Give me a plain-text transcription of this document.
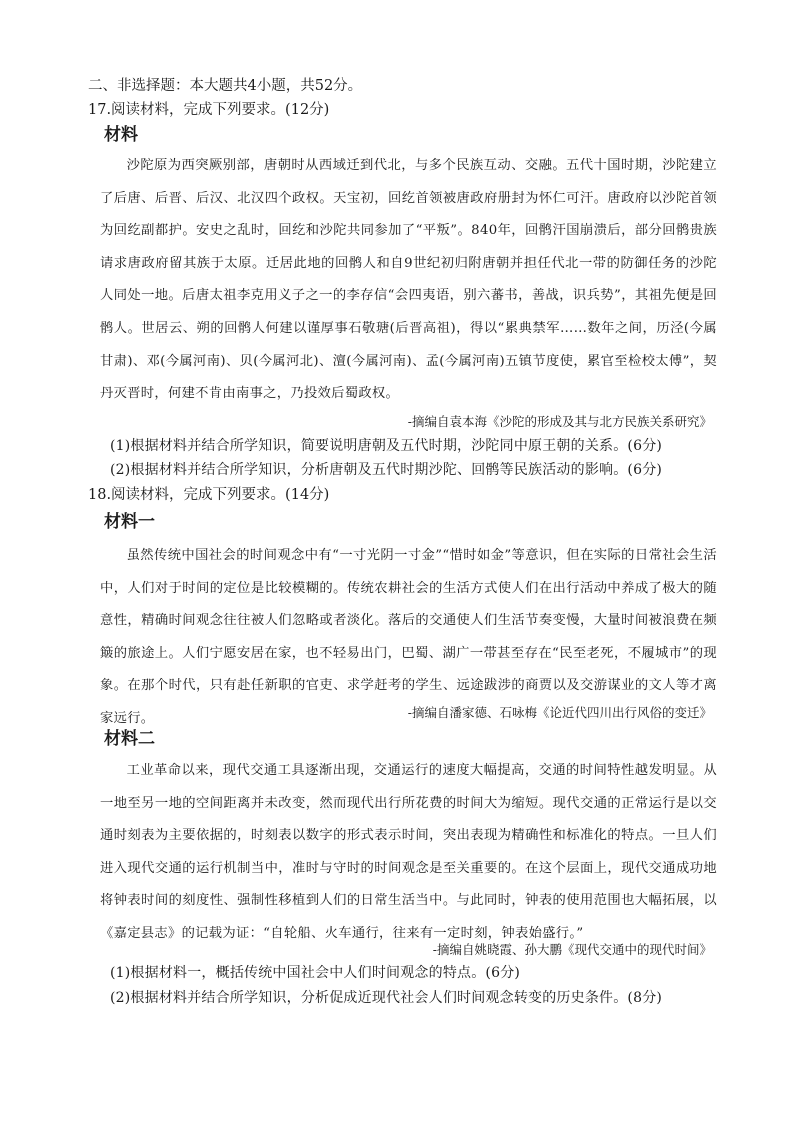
二、非选择题：本大题共4小题，共52分。
17.阅读材料，完成下列要求。(12分)
材料

沙陀原为西突厥别部，唐朝时从西域迁到代北，与多个民族互动、交融。五代十国时期，沙陀建立了后唐、后晋、后汉、北汉四个政权。天宝初，回纥首领被唐政府册封为怀仁可汗。唐政府以沙陀首领为回纥副都护。安史之乱时，回纥和沙陀共同参加了“平叛”。840年，回鹘汗国崩溃后，部分回鹘贵族请求唐政府留其族于太原。迁居此地的回鹘人和自9世纪初归附唐朝并担任代北一带的防御任务的沙陀人同处一地。后唐太祖李克用义子之一的李存信“会四夷语，别六蕃书，善战，识兵势”，其祖先便是回鹘人。世居云、朔的回鹘人何建以谨厚事石敬瑭(后晋高祖)，得以“累典禁军……数年之间，历泾(今属甘肃)、邓(今属河南)、贝(今属河北)、澶(今属河南)、孟(今属河南)五镇节度使，累官至检校太傅”，契丹灭晋时，何建不肯由南事之，乃投效后蜀政权。

-摘编自袁本海《沙陀的形成及其与北方民族关系研究》
(1)根据材料并结合所学知识，简要说明唐朝及五代时期，沙陀同中原王朝的关系。(6分)
(2)根据材料并结合所学知识，分析唐朝及五代时期沙陀、回鹘等民族活动的影响。(6分)
18.阅读材料，完成下列要求。(14分)
材料一

虽然传统中国社会的时间观念中有“一寸光阴一寸金”“惜时如金”等意识，但在实际的日常社会生活中，人们对于时间的定位是比较模糊的。传统农耕社会的生活方式使人们在出行活动中养成了极大的随意性，精确时间观念往往被人们忽略或者淡化。落后的交通使人们生活节奏变慢，大量时间被浪费在频簸的旅途上。人们宁愿安居在家，也不轻易出门，巴蜀、湖广一带甚至存在“民至老死，不履城市”的现象。在那个时代，只有赴任新职的官吏、求学赶考的学生、远途跋涉的商贾以及交游谋业的文人等才离家远行。	-摘编自潘家德、石咏梅《论近代四川出行风俗的变迁》
材料二

工业革命以来，现代交通工具逐渐出现，交通运行的速度大幅提高，交通的时间特性越发明显。从一地至另一地的空间距离并未改变，然而现代出行所花费的时间大为缩短。现代交通的正常运行是以交通时刻表为主要依据的，时刻表以数字的形式表示时间，突出表现为精确性和标准化的特点。一旦人们进入现代交通的运行机制当中，准时与守时的时间观念是至关重要的。在这个层面上，现代交通成功地将钟表时间的刻度性、强制性移植到人们的日常生活当中。与此同时，钟表的使用范围也大幅拓展，以《嘉定县志》的记载为证：“自轮船、火车通行，往来有一定时刻，钟表始盛行。”

-摘编自姚晓霞、孙大鹏《现代交通中的现代时间》
(1)根据材料一，概括传统中国社会中人们时间观念的特点。(6分)
(2)根据材料并结合所学知识，分析促成近现代社会人们时间观念转变的历史条件。(8分)
